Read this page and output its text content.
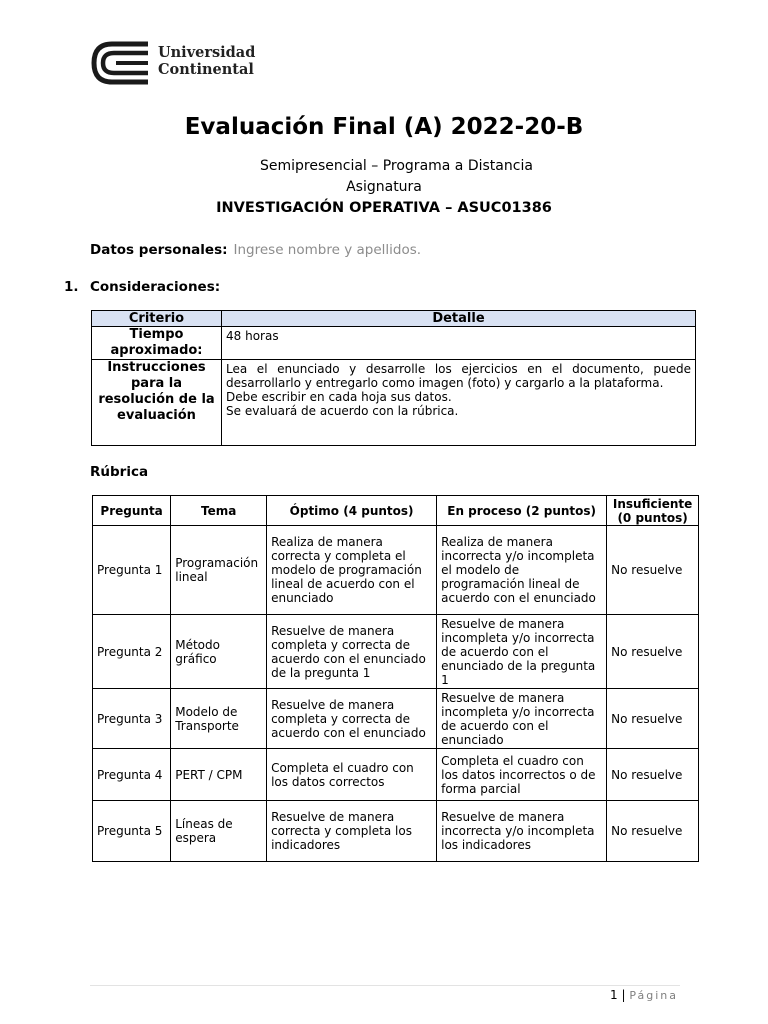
Universidad
Continental
Evaluación Final (A) 2022-20-B
Semipresencial – Programa a Distancia
Asignatura
INVESTIGACIÓN OPERATIVA – ASUC01386
Datos personales: Ingrese nombre y apellidos.
1. Consideraciones:
Criterio	Detalle
Tiempo aproximado:	48 horas
Instrucciones para la resolución de la evaluación	Lea el enunciado y desarrolle los ejercicios en el documento, puede desarrollarlo y entregarlo como imagen (foto) y cargarlo a la plataforma.
Debe escribir en cada hoja sus datos.
Se evaluará de acuerdo con la rúbrica.
Rúbrica
Pregunta	Tema	Óptimo (4 puntos)	En proceso (2 puntos)	Insuficiente (0 puntos)
Pregunta 1	Programación lineal	Realiza de manera correcta y completa el modelo de programación lineal de acuerdo con el enunciado	Realiza de manera incorrecta y/o incompleta el modelo de programación lineal de acuerdo con el enunciado	No resuelve
Pregunta 2	Método gráfico	Resuelve de manera completa y correcta de acuerdo con el enunciado de la pregunta 1	Resuelve de manera incompleta y/o incorrecta de acuerdo con el enunciado de la pregunta 1	No resuelve
Pregunta 3	Modelo de Transporte	Resuelve de manera completa y correcta de acuerdo con el enunciado	Resuelve de manera incompleta y/o incorrecta de acuerdo con el enunciado	No resuelve
Pregunta 4	PERT / CPM	Completa el cuadro con los datos correctos	Completa el cuadro con los datos incorrectos o de forma parcial	No resuelve
Pregunta 5	Líneas de espera	Resuelve de manera correcta y completa los indicadores	Resuelve de manera incorrecta y/o incompleta los indicadores	No resuelve
1 | Página
